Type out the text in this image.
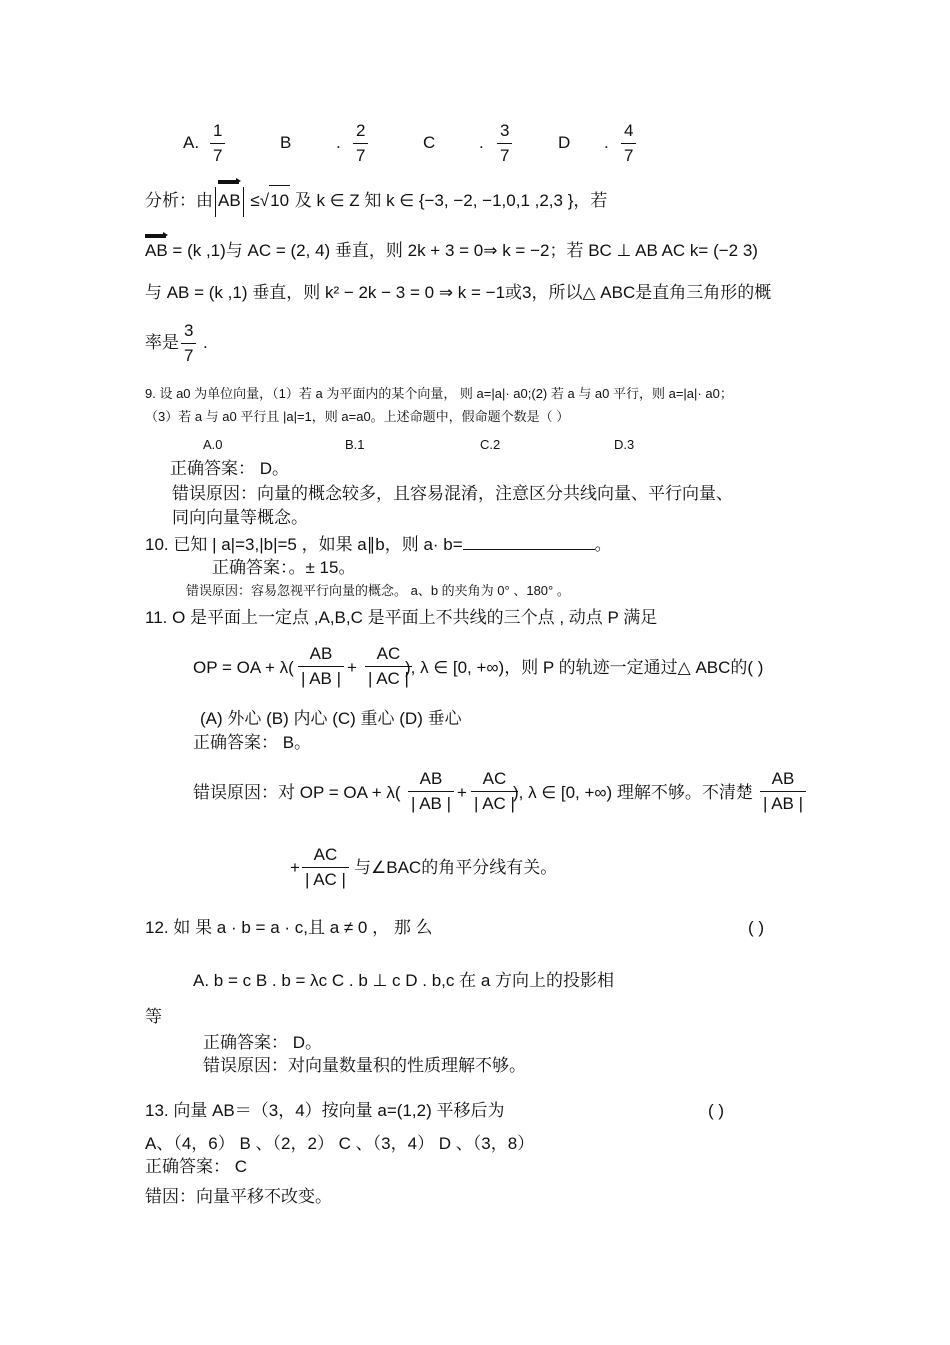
A.
1
7
B	.
2
7
C	.
3
7
D .
4
7
分析：由 AB ≤√10 及 k ∈ Z 知 k ∈ {−3, −2, −1,0,1 ,2,3 }，若
AB = (k ,1)与 AC = (2, 4) 垂直，则 2k + 3 = 0⇒ k = −2；若 BC ⊥ AB AC k= (−2 3)
与 AB = (k ,1) 垂直，则 k² − 2k − 3 = 0 ⇒ k = −1或3，所以△ ABC是直角三角形的概
率是
3
7
.
9. 设 a0 为单位向量，（1）若 a 为平面内的某个向量， 则 a=|a|· a0;(2) 若 a 与 a0 平行，则 a=|a|· a0；
（3）若 a 与 a0 平行且 |a|=1，则 a=a0。上述命题中，假命题个数是（ ）
A.0	B.1	C.2	D.3
正确答案： D。
错误原因：向量的概念较多，且容易混淆，注意区分共线向量、平行向量、
同向向量等概念。
10. 已知 | a|=3,|b|=5 ，如果 a∥b，则 a· b=	。
正确答案：。± 15。
错误原因：容易忽视平行向量的概念。 a、b 的夹角为 0° 、180° 。
11. O 是平面上一定点 ,A,B,C 是平面上不共线的三个点 , 动点 P 满足
OP = OA + λ(
AB
| AB |
+
AC
| AC |
), λ ∈ [0, +∞)，则 P 的轨迹一定通过△ ABC的( )
(A) 外心 (B) 内心 (C) 重心 (D) 垂心
正确答案： B。
错误原因：对 OP = OA + λ(
AB
| AB |
+
AC
| AC |
), λ ∈ [0, +∞) 理解不够。不清楚
AB
| AB |
+
AC
| AC |
与∠BAC的角平分线有关。
12. 如 果 a · b = a · c,且 a ≠ 0 ， 那 么	( )
A. b = c B . b = λc C . b ⊥ c D . b,c 在 a 方向上的投影相
等
正确答案： D。
错误原因：对向量数量积的性质理解不够。
13. 向量 AB＝（3，4）按向量 a=(1,2) 平移后为	( )
A、（4，6） B 、（2，2） C 、（3，4） D 、（3，8）
正确答案： C
错因：向量平移不改变。
